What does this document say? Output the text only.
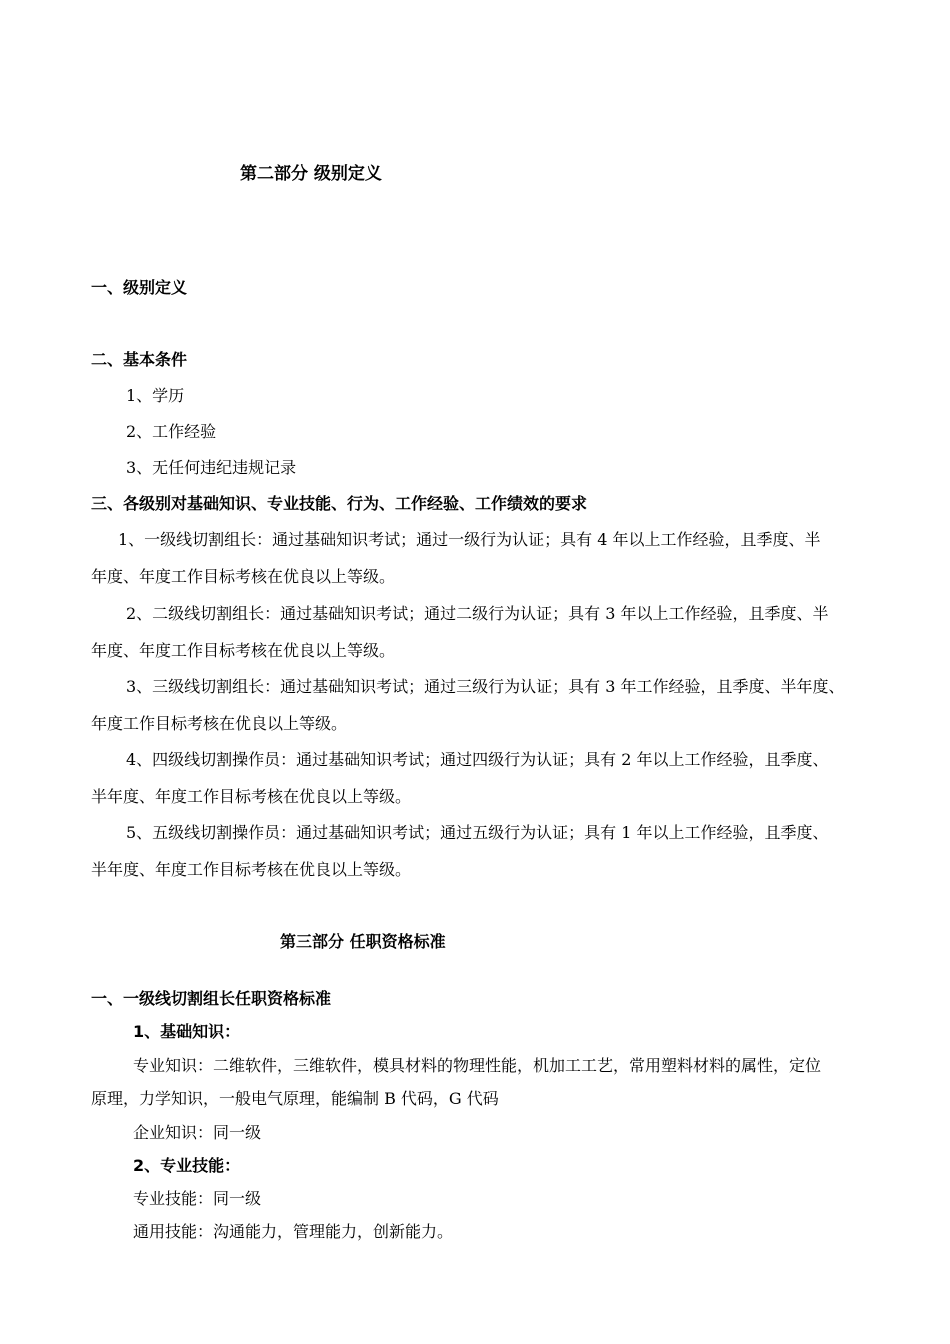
第二部分 级别定义
一、级别定义
二、基本条件
1、学历
2、工作经验
3、无任何违纪违规记录
三、各级别对基础知识、专业技能、行为、工作经验、工作绩效的要求
1、一级线切割组长：通过基础知识考试；通过一级行为认证；具有 4 年以上工作经验，且季度、半
年度、年度工作目标考核在优良以上等级。
2、二级线切割组长：通过基础知识考试；通过二级行为认证；具有 3 年以上工作经验，且季度、半
年度、年度工作目标考核在优良以上等级。
3、三级线切割组长：通过基础知识考试；通过三级行为认证；具有 3 年工作经验，且季度、半年度、
年度工作目标考核在优良以上等级。
4、四级线切割操作员：通过基础知识考试；通过四级行为认证；具有 2 年以上工作经验，且季度、
半年度、年度工作目标考核在优良以上等级。
5、五级线切割操作员：通过基础知识考试；通过五级行为认证；具有 1 年以上工作经验，且季度、
半年度、年度工作目标考核在优良以上等级。
第三部分 任职资格标准
一、一级线切割组长任职资格标准
1、基础知识：
专业知识：二维软件，三维软件，模具材料的物理性能，机加工工艺，常用塑料材料的属性，定位
原理，力学知识，一般电气原理，能编制 B 代码，G 代码
企业知识：同一级
2、专业技能：
专业技能：同一级
通用技能：沟通能力，管理能力，创新能力。
